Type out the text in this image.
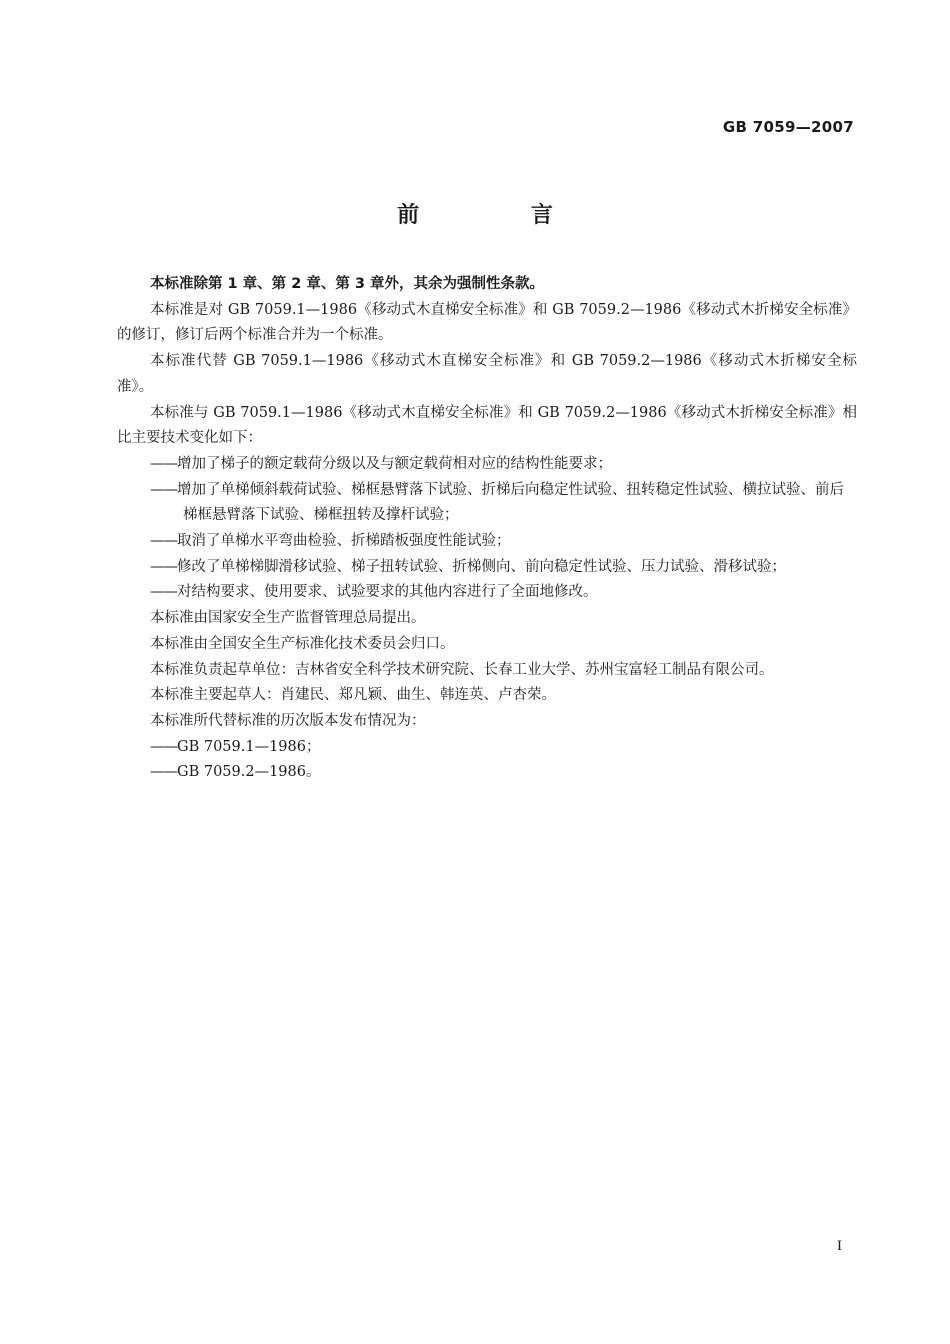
GB 7059—2007
前 言

本标准除第 1 章、第 2 章、第 3 章外，其余为强制性条款。

本标准是对 GB 7059.1—1986《移动式木直梯安全标准》和 GB 7059.2—1986《移动式木折梯安全标准》的修订，修订后两个标准合并为一个标准。

本标准代替 GB 7059.1—1986《移动式木直梯安全标准》和 GB 7059.2—1986《移动式木折梯安全标准》。

本标准与 GB 7059.1—1986《移动式木直梯安全标准》和 GB 7059.2—1986《移动式木折梯安全标准》相比主要技术变化如下：

——增加了梯子的额定载荷分级以及与额定载荷相对应的结构性能要求；

——增加了单梯倾斜载荷试验、梯框悬臂落下试验、折梯后向稳定性试验、扭转稳定性试验、横拉试验、前后梯框悬臂落下试验、梯框扭转及撑杆试验；

——取消了单梯水平弯曲检验、折梯踏板强度性能试验；

——修改了单梯梯脚滑移试验、梯子扭转试验、折梯侧向、前向稳定性试验、压力试验、滑移试验；

——对结构要求、使用要求、试验要求的其他内容进行了全面地修改。

本标准由国家安全生产监督管理总局提出。

本标准由全国安全生产标准化技术委员会归口。

本标准负责起草单位：吉林省安全科学技术研究院、长春工业大学、苏州宝富轻工制品有限公司。

本标准主要起草人：肖建民、郑凡颖、曲生、韩连英、卢杏荣。

本标准所代替标准的历次版本发布情况为：

——GB 7059.1—1986；

——GB 7059.2—1986。

I
